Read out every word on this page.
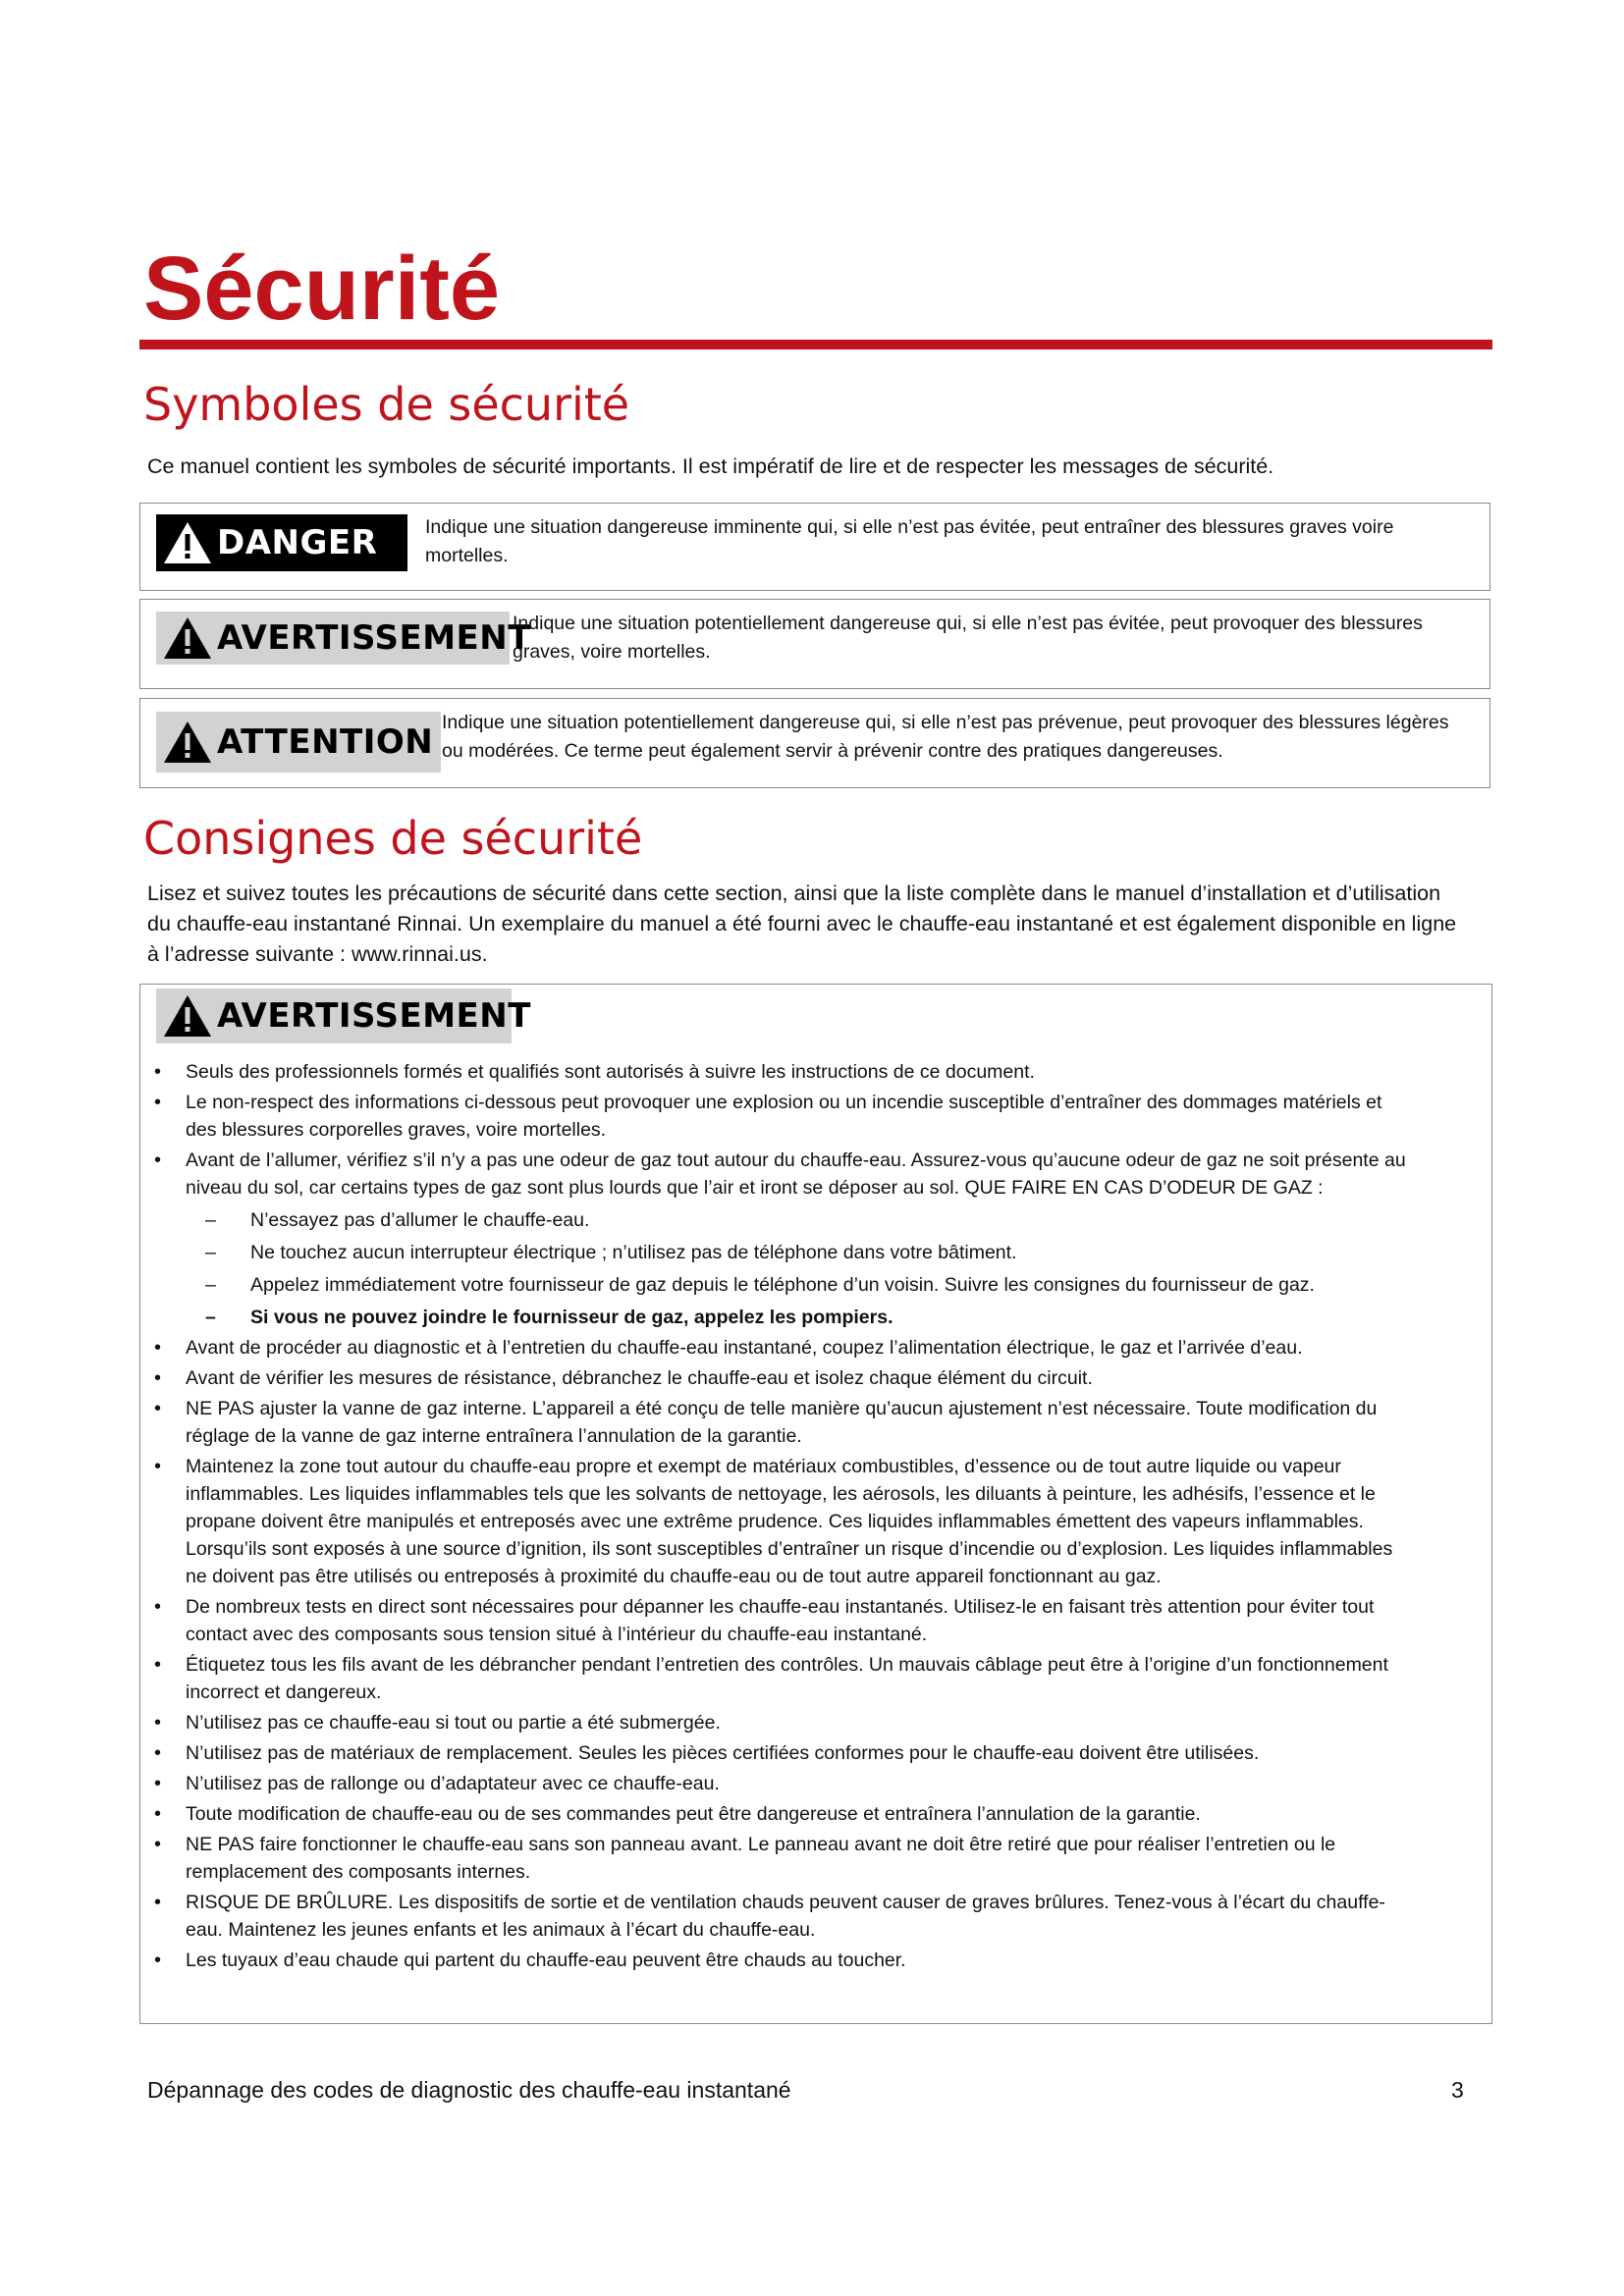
Sécurité
Symboles de sécurité

Ce manuel contient les symboles de sécurité importants. Il est impératif de lire et de respecter les messages de sécurité.

DANGER Indique une situation dangereuse imminente qui, si elle n’est pas évitée, peut entraîner des blessures graves voire mortelles.

AVERTISSEMENT

Indique une situation potentiellement dangereuse qui, si elle n’est pas évitée, peut provoquer des blessures graves, voire mortelles.

ATTENTION Indique une situation potentiellement dangereuse qui, si elle n’est pas prévenue, peut provoquer des blessures légères ou modérées. Ce terme peut également servir à prévenir contre des pratiques dangereuses.

Consignes de sécurité

Lisez et suivez toutes les précautions de sécurité dans cette section, ainsi que la liste complète dans le manuel d’installation et d’utilisation du chauffe-eau instantané Rinnai. Un exemplaire du manuel a été fourni avec le chauffe-eau instantané et est également disponible en ligne à l’adresse suivante : www.rinnai.us.

AVERTISSEMENT
• Seuls des professionnels formés et qualifiés sont autorisés à suivre les instructions de ce document.
• Le non-respect des informations ci-dessous peut provoquer une explosion ou un incendie susceptible d’entraîner des dommages matériels et des blessures corporelles graves, voire mortelles.
• Avant de l’allumer, vérifiez s’il n’y a pas une odeur de gaz tout autour du chauffe-eau. Assurez-vous qu’aucune odeur de gaz ne soit présente au niveau du sol, car certains types de gaz sont plus lourds que l’air et iront se déposer au sol. QUE FAIRE EN CAS D’ODEUR DE GAZ :
– N’essayez pas d’allumer le chauffe-eau.
– Ne touchez aucun interrupteur électrique ; n’utilisez pas de téléphone dans votre bâtiment.
– Appelez immédiatement votre fournisseur de gaz depuis le téléphone d’un voisin. Suivre les consignes du fournisseur de gaz.
– Si vous ne pouvez joindre le fournisseur de gaz, appelez les pompiers.
• Avant de procéder au diagnostic et à l’entretien du chauffe-eau instantané, coupez l’alimentation électrique, le gaz et l’arrivée d’eau.
• Avant de vérifier les mesures de résistance, débranchez le chauffe-eau et isolez chaque élément du circuit.
• NE PAS ajuster la vanne de gaz interne. L’appareil a été conçu de telle manière qu’aucun ajustement n’est nécessaire. Toute modification du réglage de la vanne de gaz interne entraînera l’annulation de la garantie.
• Maintenez la zone tout autour du chauffe-eau propre et exempt de matériaux combustibles, d’essence ou de tout autre liquide ou vapeur inflammables. Les liquides inflammables tels que les solvants de nettoyage, les aérosols, les diluants à peinture, les adhésifs, l’essence et le propane doivent être manipulés et entreposés avec une extrême prudence. Ces liquides inflammables émettent des vapeurs inflammables. Lorsqu’ils sont exposés à une source d’ignition, ils sont susceptibles d’entraîner un risque d’incendie ou d’explosion. Les liquides inflammables ne doivent pas être utilisés ou entreposés à proximité du chauffe-eau ou de tout autre appareil fonctionnant au gaz.
• De nombreux tests en direct sont nécessaires pour dépanner les chauffe-eau instantanés. Utilisez-le en faisant très attention pour éviter tout contact avec des composants sous tension situé à l’intérieur du chauffe-eau instantané.
• Étiquetez tous les fils avant de les débrancher pendant l’entretien des contrôles. Un mauvais câblage peut être à l’origine d’un fonctionnement incorrect et dangereux.
• N’utilisez pas ce chauffe-eau si tout ou partie a été submergée.
• N’utilisez pas de matériaux de remplacement. Seules les pièces certifiées conformes pour le chauffe-eau doivent être utilisées.
• N’utilisez pas de rallonge ou d’adaptateur avec ce chauffe-eau.
• Toute modification de chauffe-eau ou de ses commandes peut être dangereuse et entraînera l’annulation de la garantie.
• NE PAS faire fonctionner le chauffe-eau sans son panneau avant. Le panneau avant ne doit être retiré que pour réaliser l’entretien ou le remplacement des composants internes.
• RISQUE DE BRÛLURE. Les dispositifs de sortie et de ventilation chauds peuvent causer de graves brûlures. Tenez-vous à l’écart du chauffe-eau. Maintenez les jeunes enfants et les animaux à l’écart du chauffe-eau.
• Les tuyaux d’eau chaude qui partent du chauffe-eau peuvent être chauds au toucher.

Dépannage des codes de diagnostic des chauffe-eau instantané	3
